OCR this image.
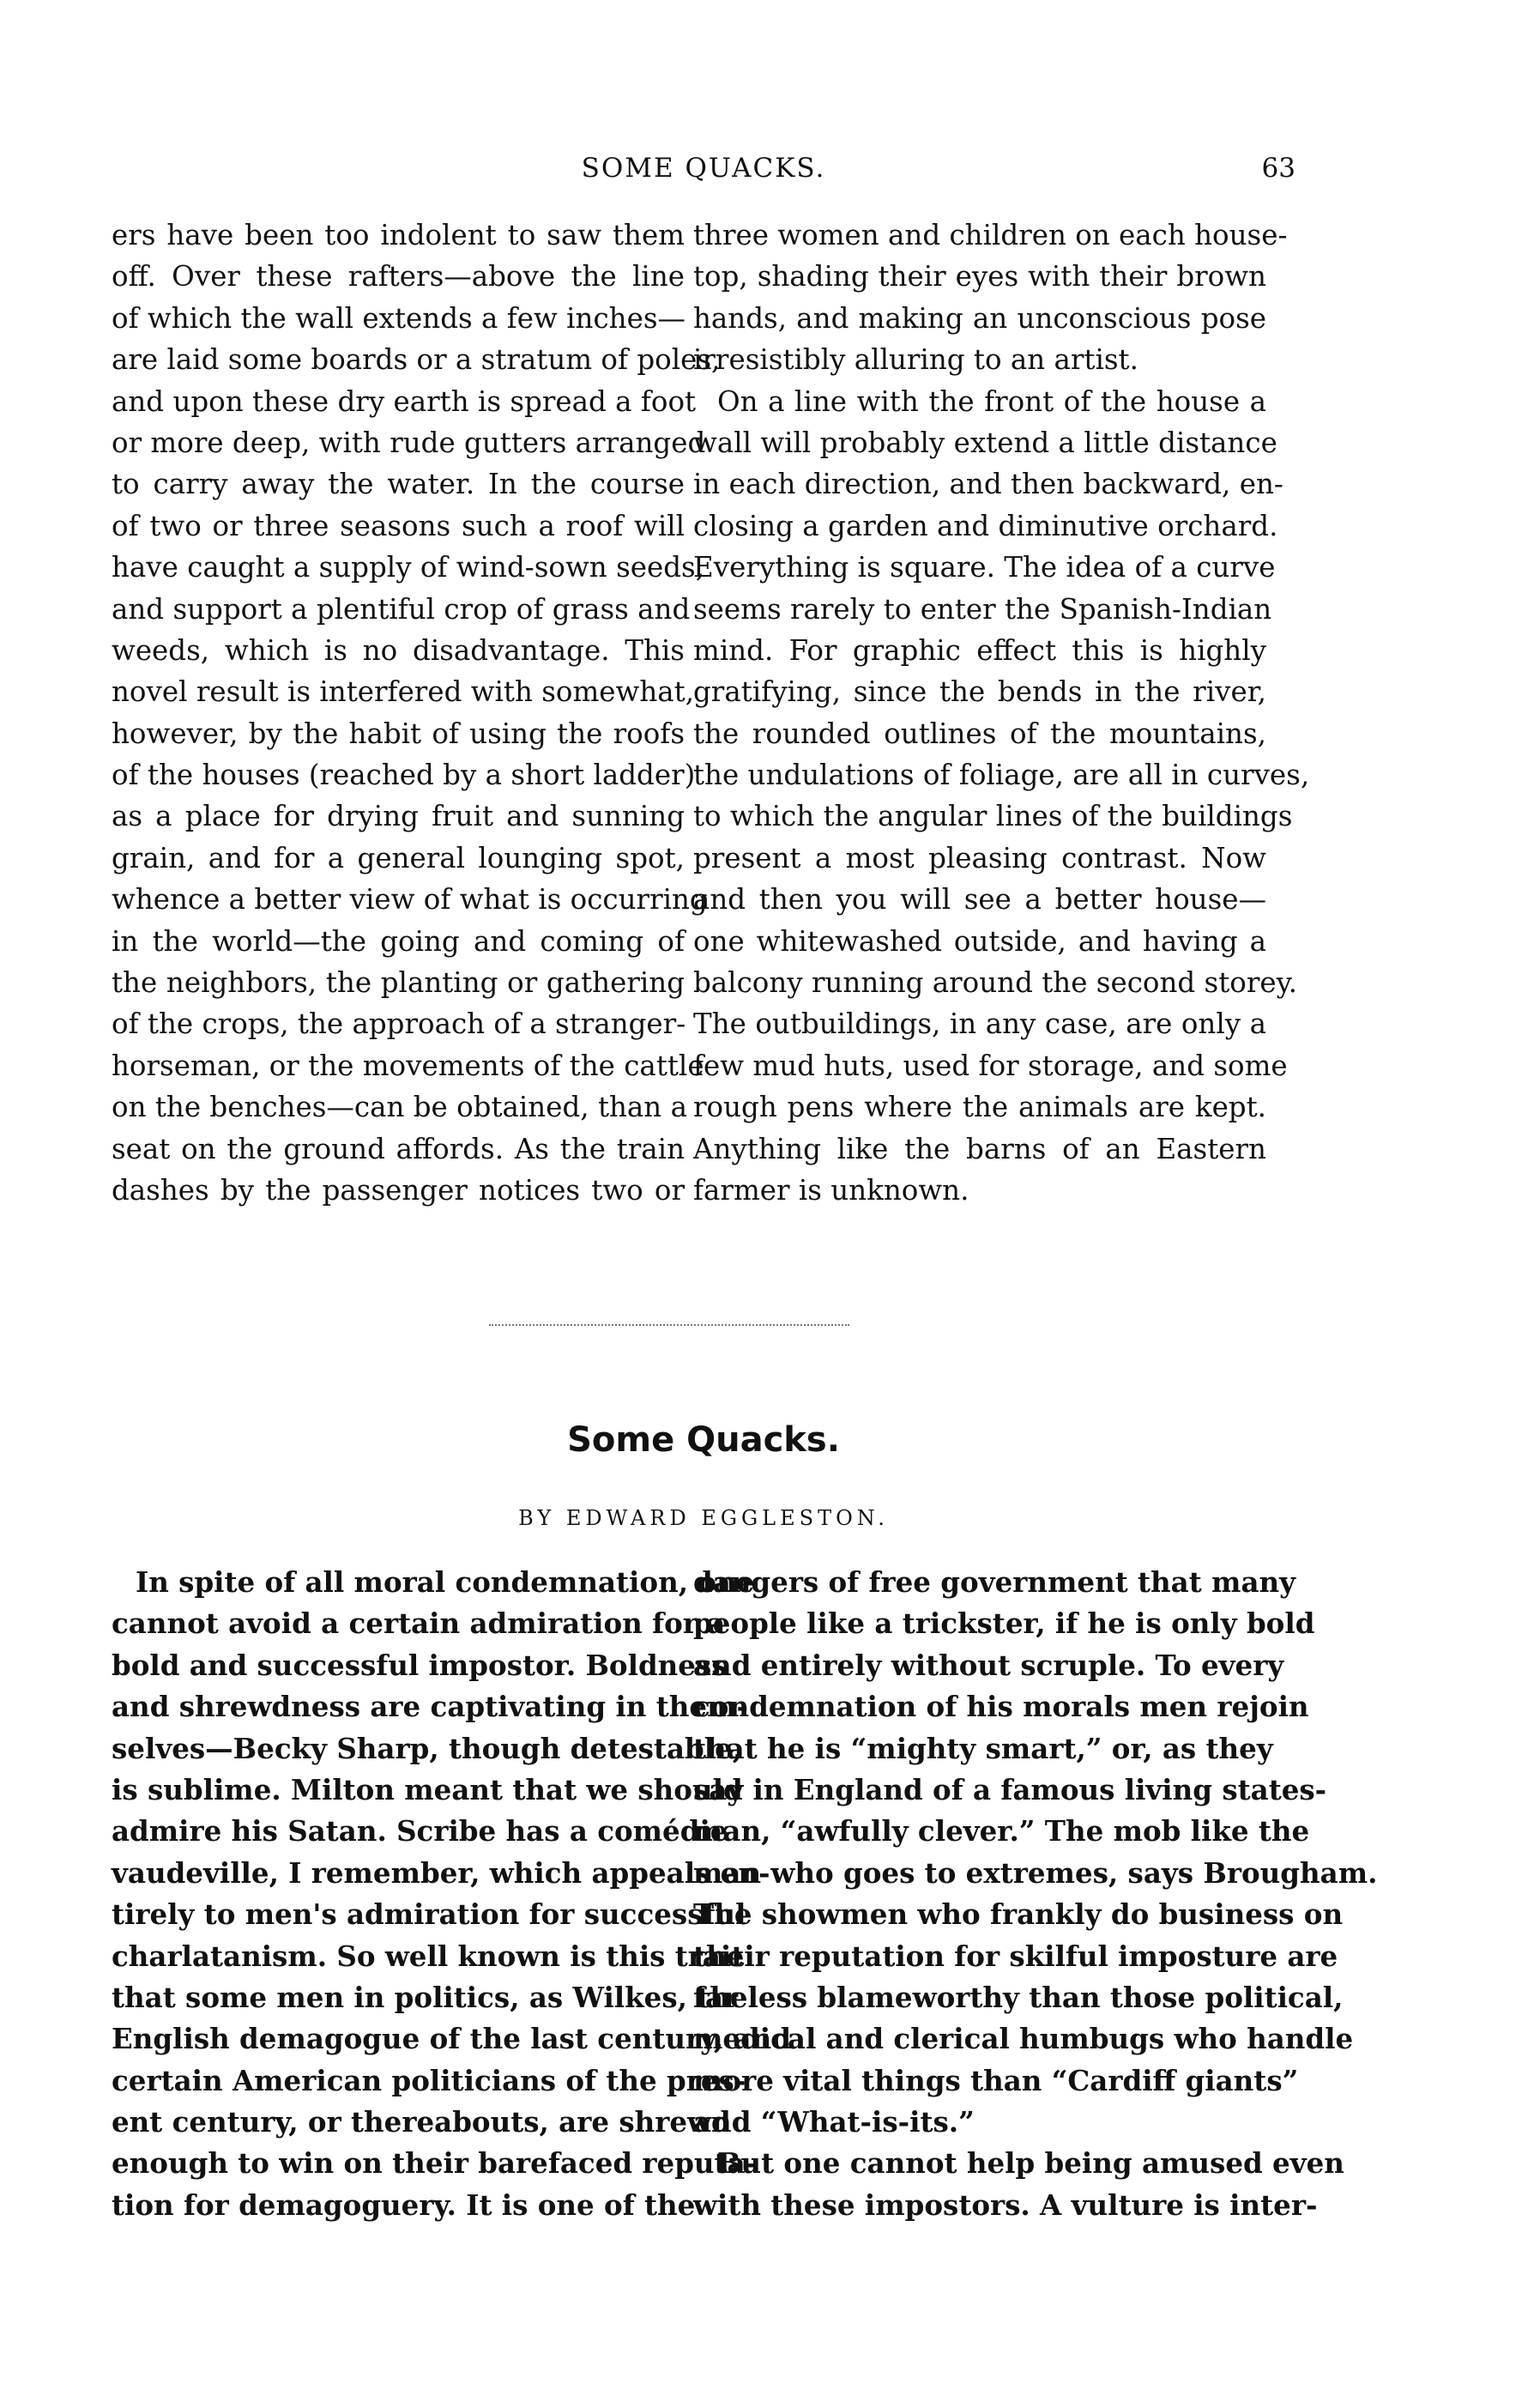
SOME QUACKS.	63
ers have been too indolent to saw them
off. Over these rafters—above the line
of which the wall extends a few inches—
are laid some boards or a stratum of poles,
and upon these dry earth is spread a foot
or more deep, with rude gutters arranged
to carry away the water. In the course
of two or three seasons such a roof will
have caught a supply of wind-sown seeds,
and support a plentiful crop of grass and
weeds, which is no disadvantage. This
novel result is interfered with somewhat,
however, by the habit of using the roofs
of the houses (reached by a short ladder)
as a place for drying fruit and sunning
grain, and for a general lounging spot,
whence a better view of what is occurring
in the world—the going and coming of
the neighbors, the planting or gathering
of the crops, the approach of a stranger-
horseman, or the movements of the cattle
on the benches—can be obtained, than a
seat on the ground affords. As the train
dashes by the passenger notices two or
three women and children on each house-
top, shading their eyes with their brown
hands, and making an unconscious pose
irresistibly alluring to an artist.
On a line with the front of the house a
wall will probably extend a little distance
in each direction, and then backward, en-
closing a garden and diminutive orchard.
Everything is square. The idea of a curve
seems rarely to enter the Spanish-Indian
mind. For graphic effect this is highly
gratifying, since the bends in the river,
the rounded outlines of the mountains,
the undulations of foliage, are all in curves,
to which the angular lines of the buildings
present a most pleasing contrast. Now
and then you will see a better house—
one whitewashed outside, and having a
balcony running around the second storey.
The outbuildings, in any case, are only a
few mud huts, used for storage, and some
rough pens where the animals are kept.
Anything like the barns of an Eastern
farmer is unknown.
Some Quacks.
BY EDWARD EGGLESTON.
In spite of all moral condemnation, one
cannot avoid a certain admiration for a
bold and successful impostor. Boldness
and shrewdness are captivating in them-
selves—Becky Sharp, though detestable,
is sublime. Milton meant that we should
admire his Satan. Scribe has a comédie
vaudeville, I remember, which appeals en-
tirely to men's admiration for successful
charlatanism. So well known is this trait
that some men in politics, as Wilkes, the
English demagogue of the last century, and
certain American politicians of the pres-
ent century, or thereabouts, are shrewd
enough to win on their barefaced reputa-
tion for demagoguery. It is one of the
dangers of free government that many
people like a trickster, if he is only bold
and entirely without scruple. To every
condemnation of his morals men rejoin
that he is “mighty smart,” or, as they
say in England of a famous living states-
man, “awfully clever.” The mob like the
man who goes to extremes, says Brougham.
The showmen who frankly do business on
their reputation for skilful imposture are
far less blameworthy than those political,
medical and clerical humbugs who handle
more vital things than “Cardiff giants”
and “What-is-its.”
But one cannot help being amused even
with these impostors. A vulture is inter-
